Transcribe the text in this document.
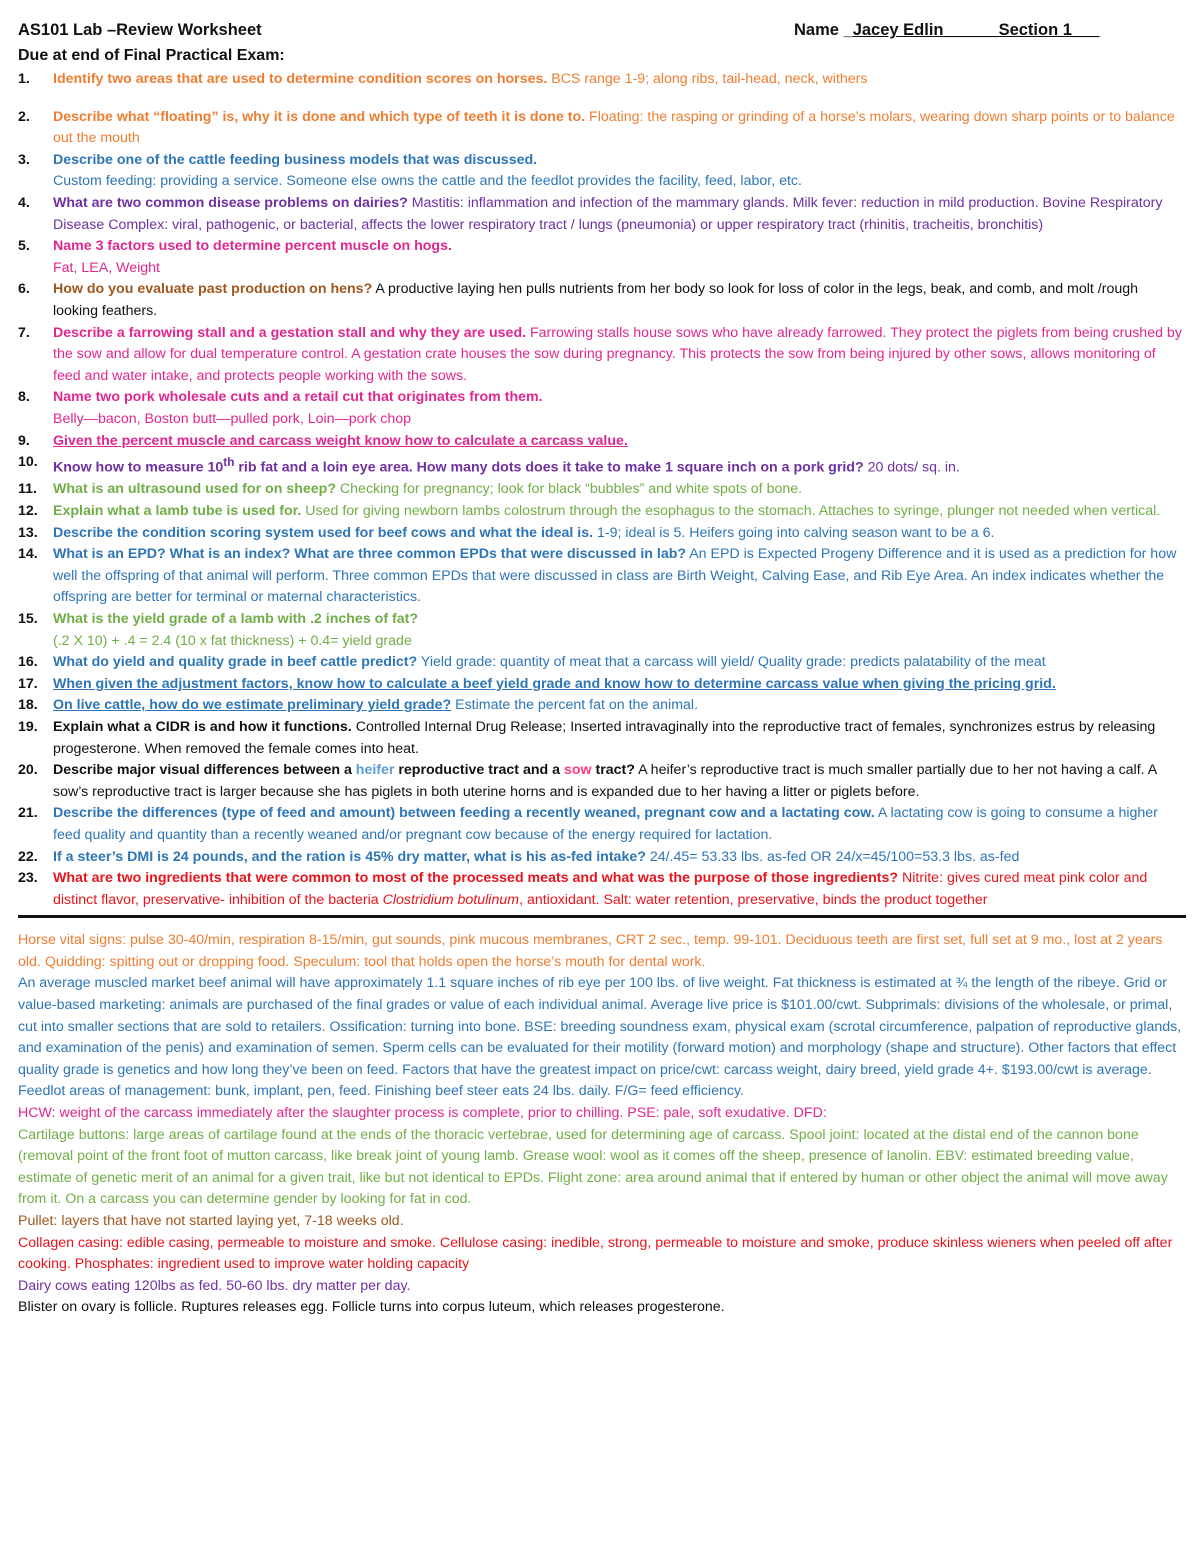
AS101 Lab –Review Worksheet	Name _Jacey Edlin______Section 1___
Due at end of Final Practical Exam:
1. Identify two areas that are used to determine condition scores on horses. BCS range 1-9; along ribs, tail-head, neck, withers
2. Describe what “floating” is, why it is done and which type of teeth it is done to. Floating: the rasping or grinding of a horse’s molars, wearing down sharp points or to balance out the mouth
3. Describe one of the cattle feeding business models that was discussed.
Custom feeding: providing a service. Someone else owns the cattle and the feedlot provides the facility, feed, labor, etc.
4. What are two common disease problems on dairies? Mastitis: inflammation and infection of the mammary glands. Milk fever: reduction in mild production. Bovine Respiratory Disease Complex: viral, pathogenic, or bacterial, affects the lower respiratory tract / lungs (pneumonia) or upper respiratory tract (rhinitis, tracheitis, bronchitis)
5. Name 3 factors used to determine percent muscle on hogs.
Fat, LEA, Weight
6. How do you evaluate past production on hens? A productive laying hen pulls nutrients from her body so look for loss of color in the legs, beak, and comb, and molt /rough looking feathers.
7. Describe a farrowing stall and a gestation stall and why they are used. Farrowing stalls house sows who have already farrowed. They protect the piglets from being crushed by the sow and allow for dual temperature control. A gestation crate houses the sow during pregnancy. This protects the sow from being injured by other sows, allows monitoring of feed and water intake, and protects people working with the sows.
8. Name two pork wholesale cuts and a retail cut that originates from them.
Belly—bacon, Boston butt—pulled pork, Loin—pork chop
9. Given the percent muscle and carcass weight know how to calculate a carcass value.
10. Know how to measure 10th rib fat and a loin eye area. How many dots does it take to make 1 square inch on a pork grid? 20 dots/ sq. in.
11. What is an ultrasound used for on sheep? Checking for pregnancy; look for black “bubbles” and white spots of bone.
12. Explain what a lamb tube is used for. Used for giving newborn lambs colostrum through the esophagus to the stomach. Attaches to syringe, plunger not needed when vertical.
13. Describe the condition scoring system used for beef cows and what the ideal is. 1-9; ideal is 5. Heifers going into calving season want to be a 6.
14. What is an EPD? What is an index? What are three common EPDs that were discussed in lab? An EPD is Expected Progeny Difference and it is used as a prediction for how well the offspring of that animal will perform. Three common EPDs that were discussed in class are Birth Weight, Calving Ease, and Rib Eye Area. An index indicates whether the offspring are better for terminal or maternal characteristics.
15. What is the yield grade of a lamb with .2 inches of fat?
(.2 X 10) + .4 = 2.4 (10 x fat thickness) + 0.4= yield grade
16. What do yield and quality grade in beef cattle predict? Yield grade: quantity of meat that a carcass will yield/ Quality grade: predicts palatability of the meat
17. When given the adjustment factors, know how to calculate a beef yield grade and know how to determine carcass value when giving the pricing grid.
18. On live cattle, how do we estimate preliminary yield grade? Estimate the percent fat on the animal.
19. Explain what a CIDR is and how it functions. Controlled Internal Drug Release; Inserted intravaginally into the reproductive tract of females, synchronizes estrus by releasing progesterone. When removed the female comes into heat.
20. Describe major visual differences between a heifer reproductive tract and a sow tract? A heifer’s reproductive tract is much smaller partially due to her not having a calf. A sow’s reproductive tract is larger because she has piglets in both uterine horns and is expanded due to her having a litter or piglets before.
21. Describe the differences (type of feed and amount) between feeding a recently weaned, pregnant cow and a lactating cow. A lactating cow is going to consume a higher feed quality and quantity than a recently weaned and/or pregnant cow because of the energy required for lactation.
22. If a steer’s DMI is 24 pounds, and the ration is 45% dry matter, what is his as-fed intake? 24/.45= 53.33 lbs. as-fed OR 24/x=45/100=53.3 lbs. as-fed
23. What are two ingredients that were common to most of the processed meats and what was the purpose of those ingredients? Nitrite: gives cured meat pink color and distinct flavor, preservative- inhibition of the bacteria Clostridium botulinum, antioxidant. Salt: water retention, preservative, binds the product together

Horse vital signs: pulse 30-40/min, respiration 8-15/min, gut sounds, pink mucous membranes, CRT 2 sec., temp. 99-101. Deciduous teeth are first set, full set at 9 mo., lost at 2 years old. Quidding: spitting out or dropping food. Speculum: tool that holds open the horse’s mouth for dental work.

An average muscled market beef animal will have approximately 1.1 square inches of rib eye per 100 lbs. of live weight. Fat thickness is estimated at ¾ the length of the ribeye. Grid or value-based marketing: animals are purchased of the final grades or value of each individual animal. Average live price is $101.00/cwt. Subprimals: divisions of the wholesale, or primal, cut into smaller sections that are sold to retailers. Ossification: turning into bone. BSE: breeding soundness exam, physical exam (scrotal circumference, palpation of reproductive glands, and examination of the penis) and examination of semen. Sperm cells can be evaluated for their motility (forward motion) and morphology (shape and structure). Other factors that effect quality grade is genetics and how long they’ve been on feed. Factors that have the greatest impact on price/cwt: carcass weight, dairy breed, yield grade 4+. $193.00/cwt is average. Feedlot areas of management: bunk, implant, pen, feed. Finishing beef steer eats 24 lbs. daily. F/G= feed efficiency.

HCW: weight of the carcass immediately after the slaughter process is complete, prior to chilling. PSE: pale, soft exudative. DFD:

Cartilage buttons: large areas of cartilage found at the ends of the thoracic vertebrae, used for determining age of carcass. Spool joint: located at the distal end of the cannon bone (removal point of the front foot of mutton carcass, like break joint of young lamb. Grease wool: wool as it comes off the sheep, presence of lanolin. EBV: estimated breeding value, estimate of genetic merit of an animal for a given trait, like but not identical to EPDs. Flight zone: area around animal that if entered by human or other object the animal will move away from it. On a carcass you can determine gender by looking for fat in cod.

Pullet: layers that have not started laying yet, 7-18 weeks old.

Collagen casing: edible casing, permeable to moisture and smoke. Cellulose casing: inedible, strong, permeable to moisture and smoke, produce skinless wieners when peeled off after cooking. Phosphates: ingredient used to improve water holding capacity

Dairy cows eating 120lbs as fed. 50-60 lbs. dry matter per day.

Blister on ovary is follicle. Ruptures releases egg. Follicle turns into corpus luteum, which releases progesterone.
